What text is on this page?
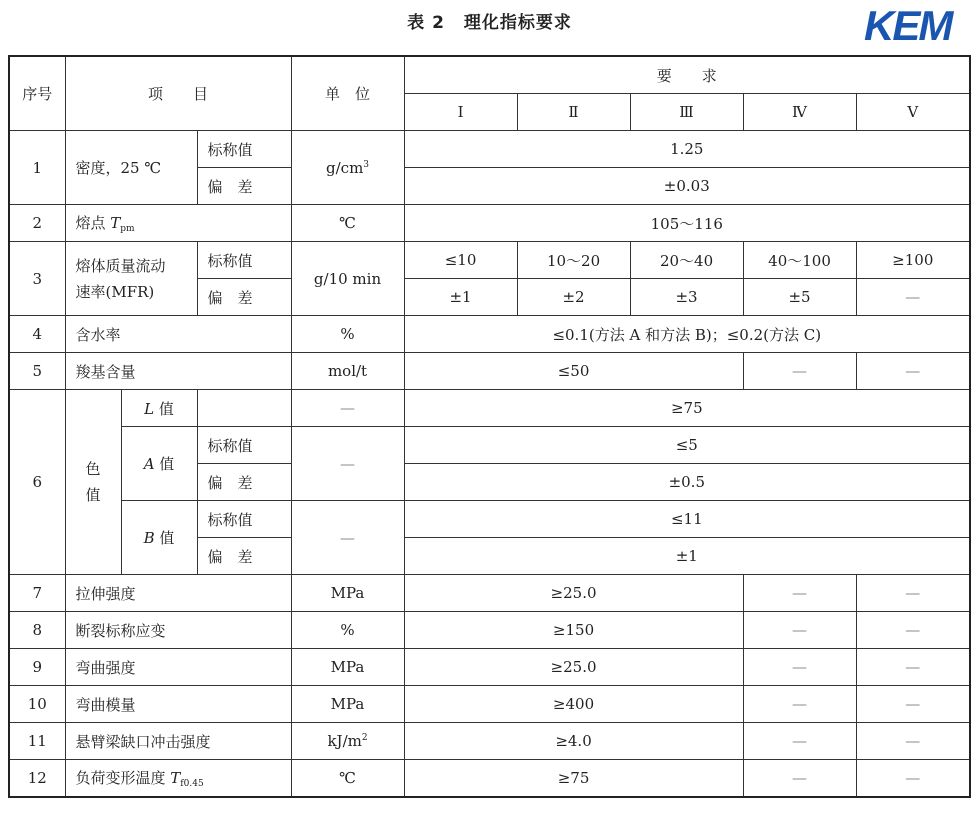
表 2 理化指标要求	KEM
序号	项　　目			单　位	要　　求				
					Ⅰ	Ⅱ	Ⅲ	Ⅳ	Ⅴ
1	密度，25 ℃		标称值	$g/cm^3$	1.25				
			偏　差		±0.03				
2	熔点 $T_{pm}$			℃	105～116				
3	熔体质量流动
速率(MFR)		标称值	g/10 min	≤10	10～20	20～40	40～100	≥100
			偏　差		±1	±2	±3	±5	—
4	含水率			%	≤0.1(方法 A 和方法 B)；≤0.2(方法 C)				
5	羧基含量			mol/t	≤50			—	—
6	色
值	L 值		—	≥75				
		A 值	标称值	—	≤5				
			偏　差		±0.5				
		B 值	标称值	—	≤11				
			偏　差		±1				
7	拉伸强度			MPa	≥25.0			—	—
8	断裂标称应变			%	≥150			—	—
9	弯曲强度			MPa	≥25.0			—	—
10	弯曲模量			MPa	≥400			—	—
11	悬臂梁缺口冲击强度			$kJ/m^2$	≥4.0			—	—
12	负荷变形温度 $T_{f0.45}$			℃	≥75			—	—
